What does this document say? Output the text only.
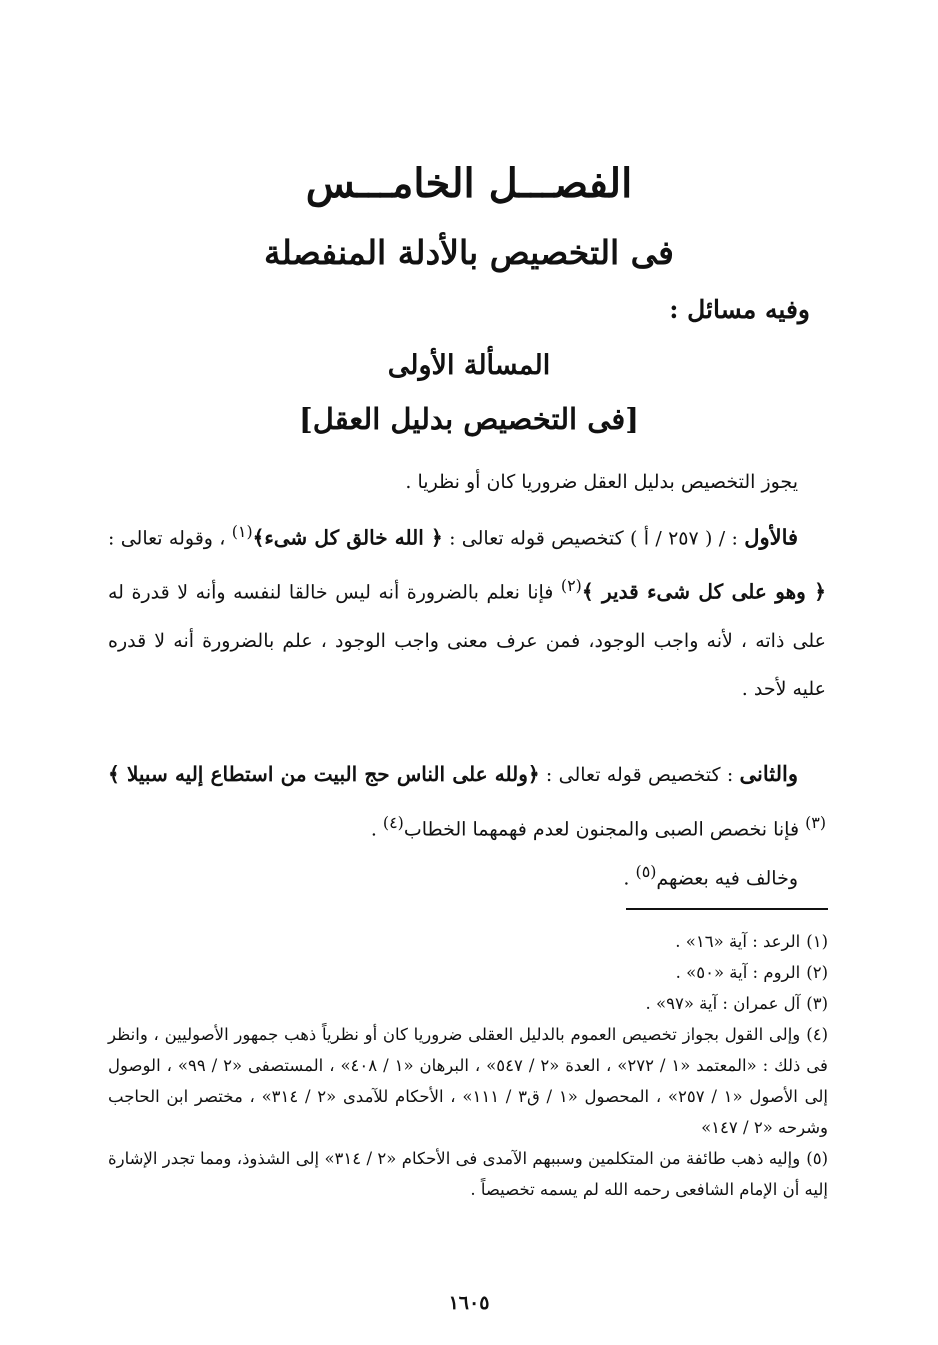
الفصـــل الخامـــس
فى التخصيص بالأدلة المنفصلة
وفيه مسائل :
المسألة الأولى
[فى التخصيص بدليل العقل]
يجوز التخصيص بدليل العقل ضروريا كان أو نظريا .
فالأول : / ( ٢٥٧ / أ ) كتخصيص قوله تعالى : ﴿ الله خالق كل شىء﴾$^{(١)}$ ، وقوله تعالى : ﴿ وهو على كل شىء قدير ﴾$^{(٢)}$ فإنا نعلم بالضرورة أنه ليس خالقا لنفسه وأنه لا قدرة له على ذاته ، لأنه واجب الوجود، فمن عرف معنى واجب الوجود ، علم بالضرورة أنه لا قدره عليه لأحد .
والثانى : كتخصيص قوله تعالى : ﴿ولله على الناس حج البيت من استطاع إليه سبيلا ﴾$^{(٣)}$ فإنا نخصص الصبى والمجنون لعدم فهمهما الخطاب$^{(٤)}$ .
وخالف فيه بعضهم$^{(٥)}$ .
(١)الرعد : آية «١٦» .
(٢)الروم : آية «٥٠» .
(٣)آل عمران : آية «٩٧» .
(٤)وإلى القول بجواز تخصيص العموم بالدليل العقلى ضروريا كان أو نظرياً ذهب جمهور الأصوليين ، وانظر فى ذلك : «المعتمد «١ / ٢٧٢» ، العدة «٢ / ٥٤٧» ، البرهان «١ / ٤٠٨» ، المستصفى «٢ / ٩٩» ، الوصول إلى الأصول «١ / ٢٥٧» ، المحصول «١ / ق٣ / ١١١» ، الأحكام للآمدى «٢ / ٣١٤» ، مختصر ابن الحاجب وشرحه «٢ / ١٤٧»
(٥)وإليه ذهب طائفة من المتكلمين وسببهم الآمدى فى الأحكام «٢ / ٣١٤» إلى الشذوذ، ومما تجدر الإشارة إليه أن الإمام الشافعى رحمه الله لم يسمه تخصيصاً .
١٦٠٥
